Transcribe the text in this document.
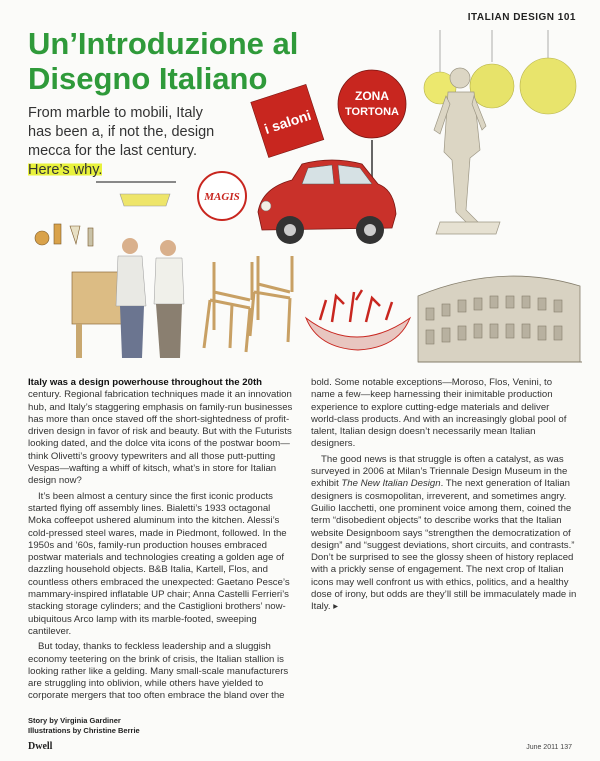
ITALIAN DESIGN 101
Un’Introduzione al
Disegno Italiano
From marble to mobili, Italy
has been a, if not the, design
mecca for the last century.
Here’s why.
i saloni
ZONA
TORTONA
MAGIS

Italy was a design powerhouse throughout the 20th century. Regional fabrication techniques made it an innovation hub, and Italy’s staggering emphasis on family-run businesses has more than once staved off the short-sightedness of profit-driven design in favor of risk and beauty. But with the Futurists looking dated, and the dolce vita icons of the postwar boom—think Olivetti’s groovy typewriters and all those putt-putting Vespas—wafting a whiff of kitsch, what’s in store for Italian design now?

It’s been almost a century since the first iconic products started flying off assembly lines. Bialetti’s 1933 octagonal Moka coffeepot ushered aluminum into the kitchen. Alessi’s cold-pressed steel wares, made in Piedmont, followed. In the 1950s and ’60s, family-run production houses embraced postwar materials and technologies creating a golden age of dazzling household objects. B&B Italia, Kartell, Flos, and countless others embraced the unexpected: Gaetano Pesce’s mammary-inspired inflatable UP chair; Anna Castelli Ferrieri’s stacking storage cylinders; and the Castiglioni brothers’ now-ubiquitous Arco lamp with its marble-footed, sweeping cantilever.

But today, thanks to feckless leadership and a sluggish economy teetering on the brink of crisis, the Italian stallion is looking rather like a gelding. Many small-scale manufacturers are struggling into oblivion, while others have yielded to corporate mergers that too often embrace the bland over the bold. Some notable exceptions—Moroso, Flos, Venini, to name a few—keep harnessing their inimitable production experience to explore cutting-edge materials and deliver world-class products. And with an increasingly global pool of talent, Italian design doesn’t necessarily mean Italian designers.

The good news is that struggle is often a catalyst, as was surveyed in 2006 at Milan’s Triennale Design Museum in the exhibit The New Italian Design. The next generation of Italian designers is cosmopolitan, irreverent, and sometimes angry. Guilio Iacchetti, one prominent voice among them, coined the term “disobedient objects” to describe works that the Italian website Designboom says “strengthen the democratization of design” and “suggest deviations, short circuits, and contrasts.” Don’t be surprised to see the glossy sheen of history replaced with a prickly sense of engagement. The next crop of Italian icons may well confront us with ethics, politics, and a healthy dose of irony, but odds are they’ll still be immaculately made in Italy. ▸

Story by Virginia Gardiner
Illustrations by Christine Berrie
Dwell	June 2011 137
